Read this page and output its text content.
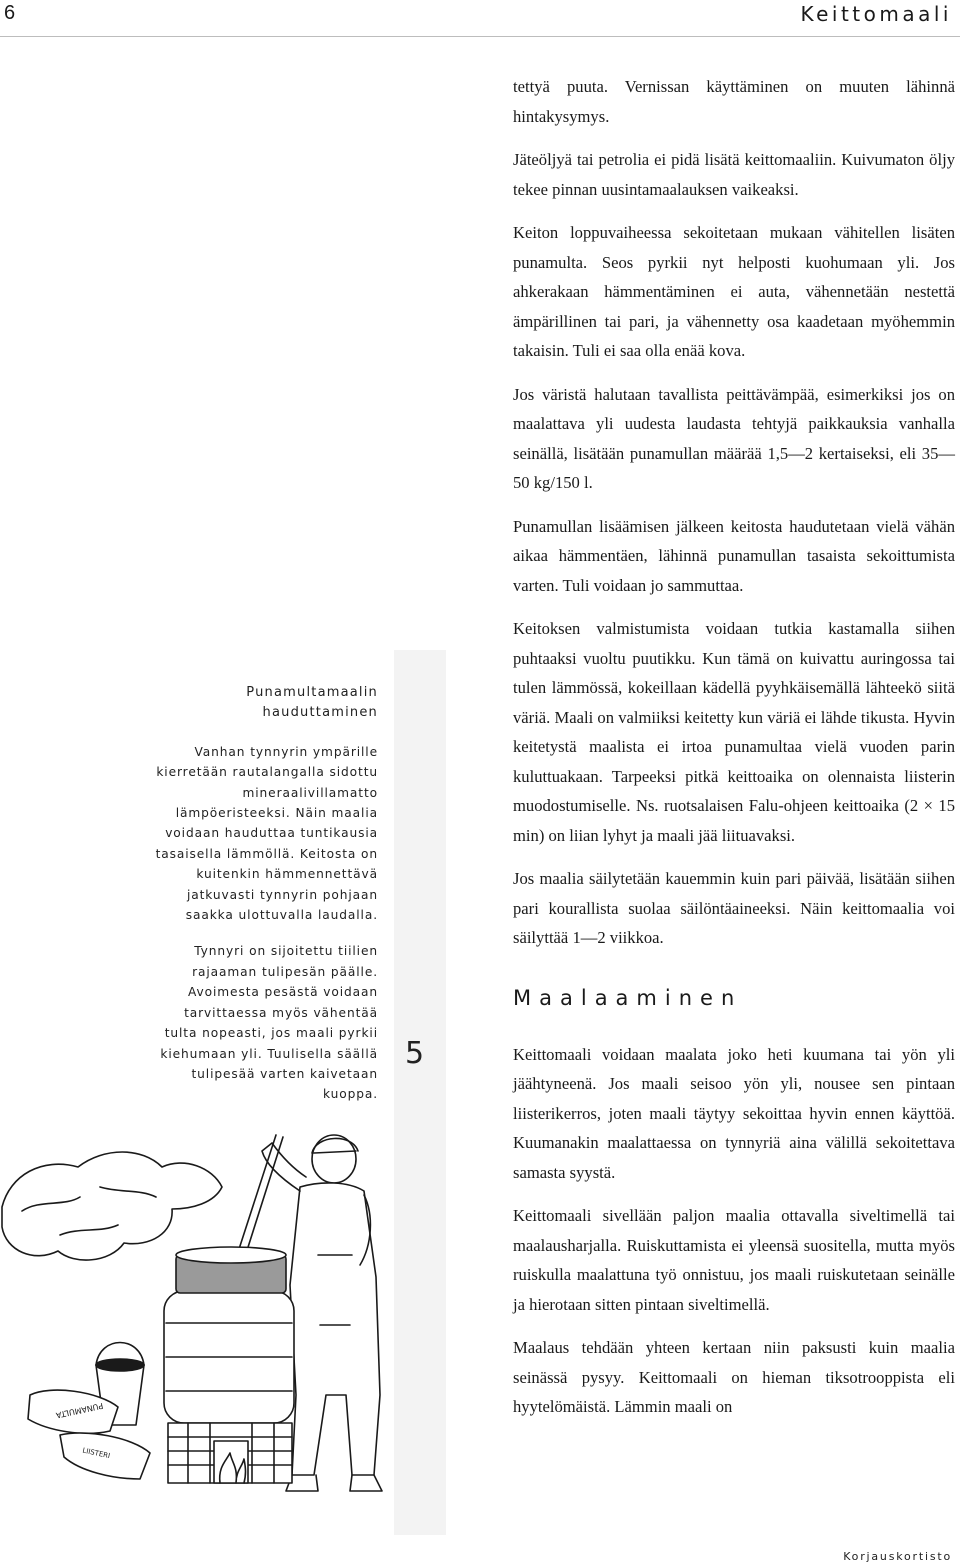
6	Keittomaali

tettyä puuta. Vernissan käyttäminen on muuten lähinnä hintakysymys.

Jäteöljyä tai petrolia ei pidä lisätä keittomaaliin. Kuivumaton öljy tekee pinnan uusintamaalauksen vaikeaksi.

Keiton loppuvaiheessa sekoitetaan mukaan vähitellen lisäten punamulta. Seos pyrkii nyt helposti kuohumaan yli. Jos ahkerakaan hämmentäminen ei auta, vähennetään nestettä ämpärillinen tai pari, ja vähennetty osa kaadetaan myöhemmin takaisin. Tuli ei saa olla enää kova.

Jos väristä halutaan tavallista peittävämpää, esimerkiksi jos on maalattava yli uudesta laudasta tehtyjä paikkauksia vanhalla seinällä, lisätään punamullan määrää 1,5—2 kertaiseksi, eli 35—50 kg/150 l.

Punamullan lisäämisen jälkeen keitosta haudutetaan vielä vähän aikaa hämmentäen, lähinnä punamullan tasaista sekoittumista varten. Tuli voidaan jo sammuttaa.

Keitoksen valmistumista voidaan tutkia kastamalla siihen puhtaaksi vuoltu puutikku. Kun tämä on kuivattu auringossa tai tulen lämmössä, kokeillaan kädellä pyyhkäisemällä lähteekö siitä väriä. Maali on valmiiksi keitetty kun väriä ei lähde tikusta. Hyvin keitetystä maalista ei irtoa punamultaa vielä vuoden parin kuluttuakaan. Tarpeeksi pitkä keittoaika on olennaista liisterin muodostumiselle. Ns. ruotsalaisen Falu-ohjeen keittoaika (2 × 15 min) on liian lyhyt ja maali jää liituavaksi.

Jos maalia säilytetään kauemmin kuin pari päivää, lisätään siihen pari kourallista suolaa säilöntäaineeksi. Näin keittomaalia voi säilyttää 1—2 viikkoa.

Maalaaminen

Keittomaali voidaan maalata joko heti kuumana tai yön yli jäähtyneenä. Jos maali seisoo yön yli, nousee sen pintaan liisterikerros, joten maali täytyy sekoittaa hyvin ennen käyttöä. Kuumanakin maalattaessa on tynnyriä aina välillä sekoitettava samasta syystä.

Keittomaali sivellään paljon maalia ottavalla siveltimellä tai maalausharjalla. Ruiskuttamista ei yleensä suositella, mutta myös ruiskulla maalattuna työ onnistuu, jos maali ruiskutetaan seinälle ja hierotaan sitten pintaan siveltimellä.

Maalaus tehdään yhteen kertaan niin paksusti kuin maalia seinässä pysyy. Keittomaali on hieman tiksotrooppista eli hyytelömäistä. Lämmin maali on

Punamultamaalin hauduttaminen

Vanhan tynnyrin ympärille kierretään rautalangalla sidottu mineraalivillamatto lämpöeristeeksi. Näin maalia voidaan hauduttaa tuntikausia tasaisella lämmöllä. Keitosta on kuitenkin hämmennettävä jatkuvasti tynnyrin pohjaan saakka ulottuvalla laudalla.

Tynnyri on sijoitettu tiilien rajaaman tulipesän päälle. Avoimesta pesästä voidaan tarvittaessa myös vähentää tulta nopeasti, jos maali pyrkii kiehumaan yli. Tuulisella säällä tulipesää varten kaivetaan kuoppa.

5
PUNAMULTA
LIISTERI
Korjauskortisto
